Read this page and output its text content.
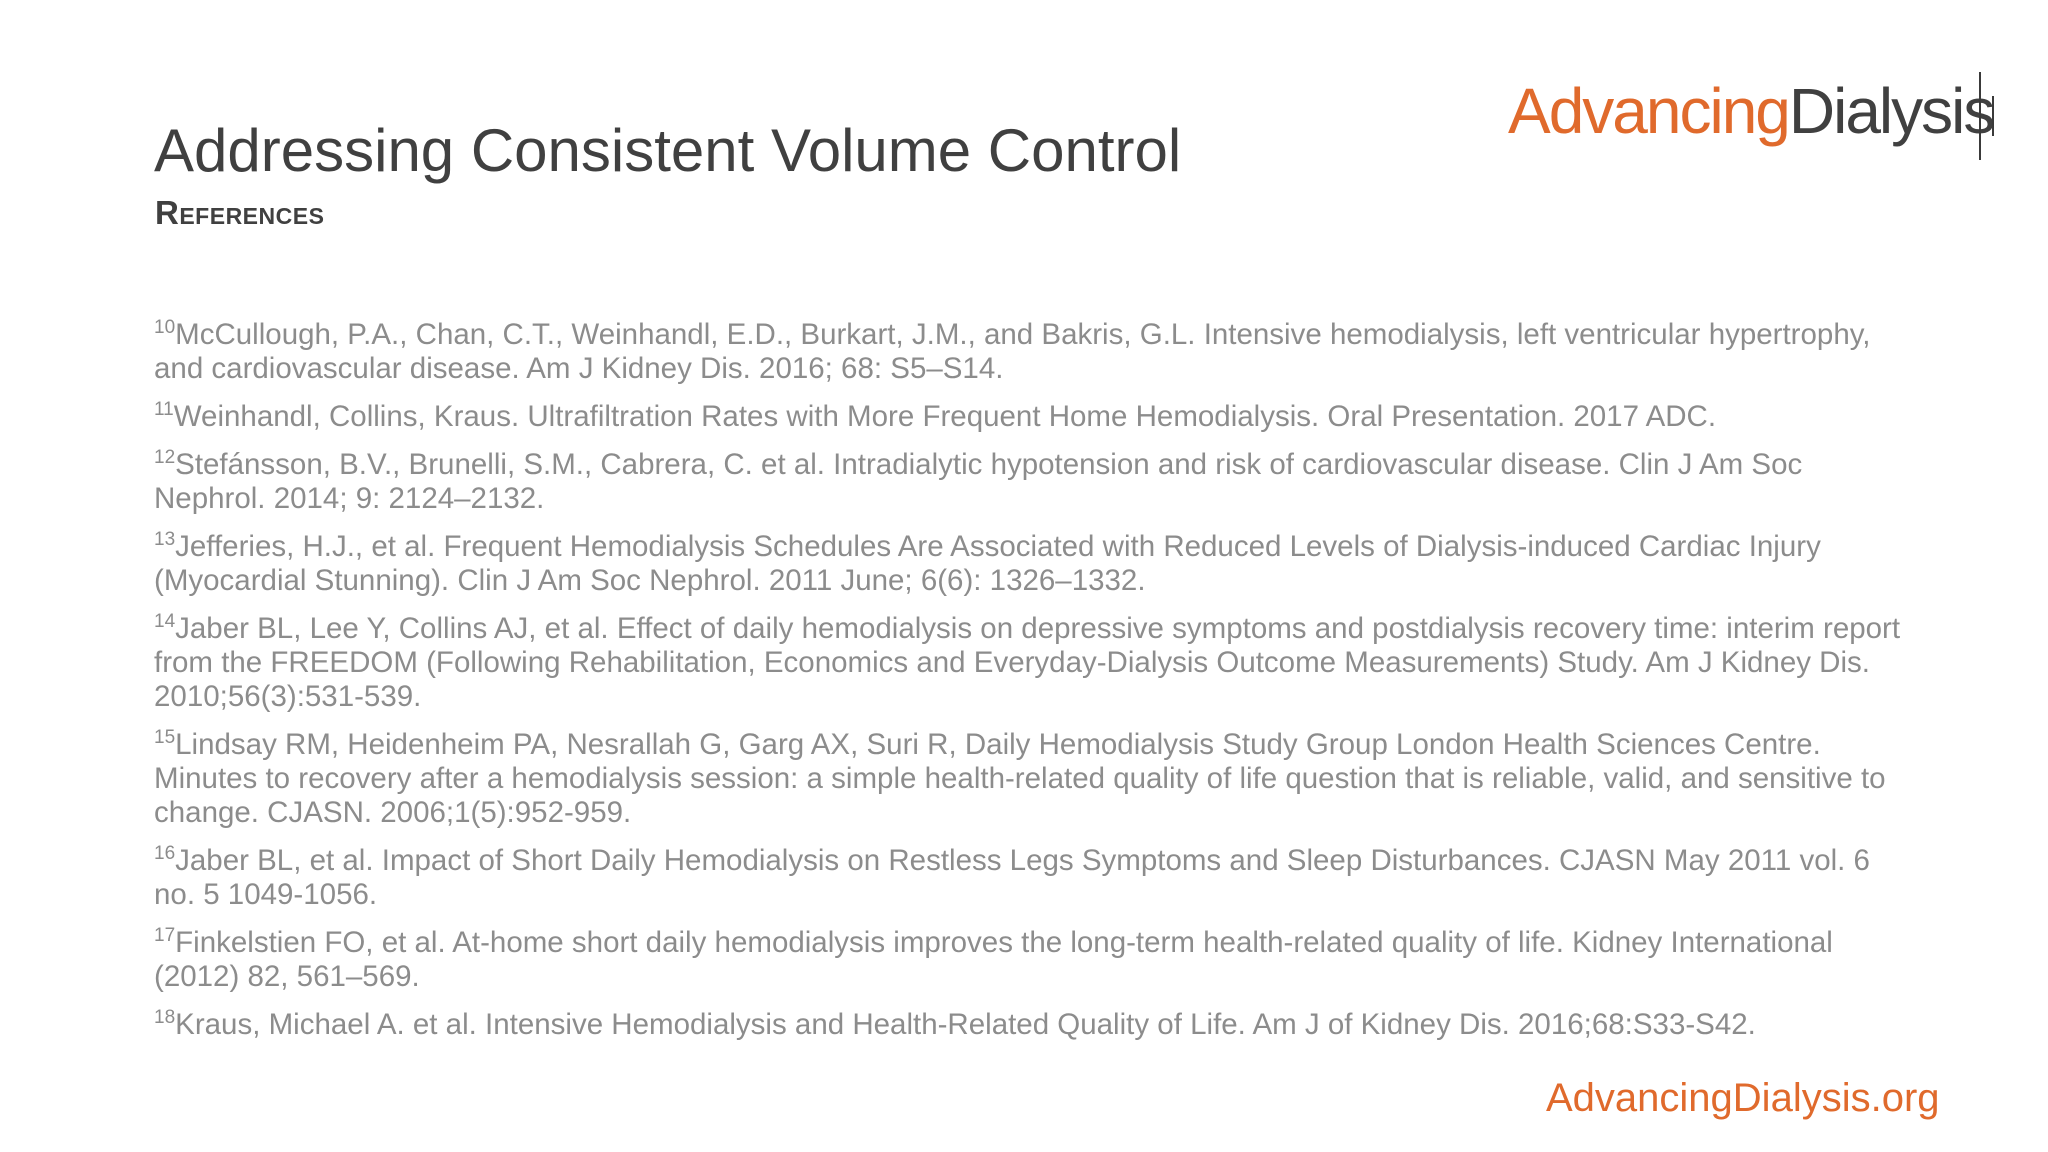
Addressing Consistent Volume Control
References
AdvancingDialysis
$^{10}$McCullough, P.A., Chan, C.T., Weinhandl, E.D., Burkart, J.M., and Bakris, G.L. Intensive hemodialysis, left ventricular hypertrophy, and cardiovascular disease. Am J Kidney Dis. 2016; 68: S5–S14.
$^{11}$Weinhandl, Collins, Kraus. Ultrafiltration Rates with More Frequent Home Hemodialysis. Oral Presentation. 2017 ADC.
$^{12}$Stefánsson, B.V., Brunelli, S.M., Cabrera, C. et al. Intradialytic hypotension and risk of cardiovascular disease. Clin J Am Soc Nephrol. 2014; 9: 2124–2132.
$^{13}$Jefferies, H.J., et al. Frequent Hemodialysis Schedules Are Associated with Reduced Levels of Dialysis-induced Cardiac Injury (Myocardial Stunning). Clin J Am Soc Nephrol. 2011 June; 6(6): 1326–1332.
$^{14}$Jaber BL, Lee Y, Collins AJ, et al. Effect of daily hemodialysis on depressive symptoms and postdialysis recovery time: interim report from the FREEDOM (Following Rehabilitation, Economics and Everyday-Dialysis Outcome Measurements) Study. Am J Kidney Dis. 2010;56(3):531-539.
$^{15}$Lindsay RM, Heidenheim PA, Nesrallah G, Garg AX, Suri R, Daily Hemodialysis Study Group London Health Sciences Centre. Minutes to recovery after a hemodialysis session: a simple health-related quality of life question that is reliable, valid, and sensitive to change. CJASN. 2006;1(5):952-959.
$^{16}$Jaber BL, et al. Impact of Short Daily Hemodialysis on Restless Legs Symptoms and Sleep Disturbances. CJASN May 2011 vol. 6 no. 5 1049-1056.
$^{17}$Finkelstien FO, et al. At-home short daily hemodialysis improves the long-term health-related quality of life. Kidney International (2012) 82, 561–569.
$^{18}$Kraus, Michael A. et al. Intensive Hemodialysis and Health-Related Quality of Life. Am J of Kidney Dis. 2016;68:S33-S42.
AdvancingDialysis.org
